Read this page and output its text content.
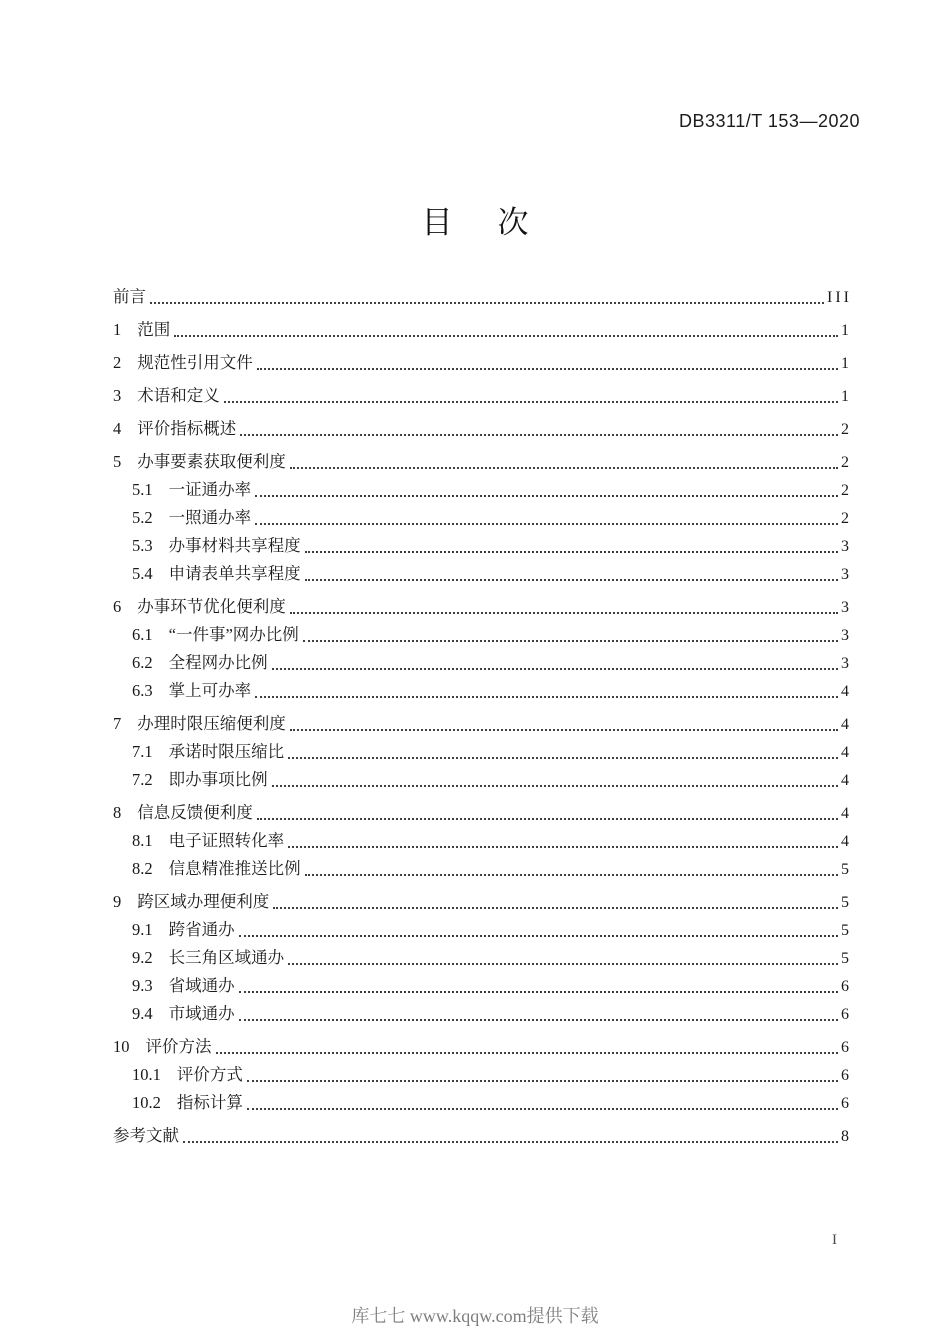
DB3311/T 153—2020
目 次
前言	III
1 范围	1
2 规范性引用文件	1
3 术语和定义	1
4 评价指标概述	2
5 办事要素获取便利度	2
5.1 一证通办率	2
5.2 一照通办率	2
5.3 办事材料共享程度	3
5.4 申请表单共享程度	3
6 办事环节优化便利度	3
6.1 “一件事”网办比例	3
6.2 全程网办比例	3
6.3 掌上可办率	4
7 办理时限压缩便利度	4
7.1 承诺时限压缩比	4
7.2 即办事项比例	4
8 信息反馈便利度	4
8.1 电子证照转化率	4
8.2 信息精准推送比例	5
9 跨区域办理便利度	5
9.1 跨省通办	5
9.2 长三角区域通办	5
9.3 省域通办	6
9.4 市域通办	6
10 评价方法	6
10.1 评价方式	6
10.2 指标计算	6
参考文献	8
I
库七七 www.kqqw.com提供下载
